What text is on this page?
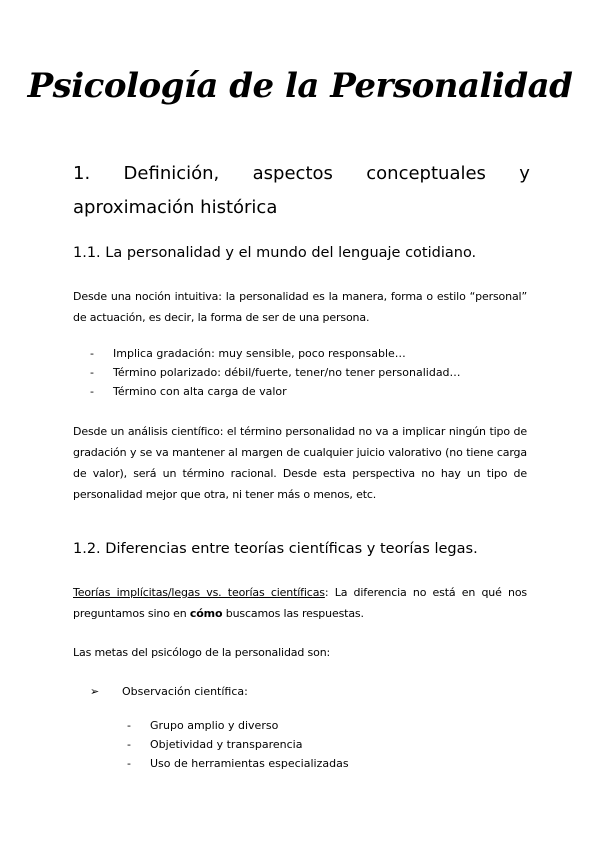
Psicología de la Personalidad
1. Definición, aspectos conceptuales y
aproximación histórica
1.1. La personalidad y el mundo del lenguaje cotidiano.
Desde una noción intuitiva: la personalidad es la manera, forma o estilo “personal” de actuación, es decir, la forma de ser de una persona.
-	Implica gradación: muy sensible, poco responsable…
-	Término polarizado: débil/fuerte, tener/no tener personalidad…
-	Término con alta carga de valor
Desde un análisis científico: el término personalidad no va a implicar ningún tipo de gradación y se va mantener al margen de cualquier juicio valorativo (no tiene carga de valor), será un término racional. Desde esta perspectiva no hay un tipo de personalidad mejor que otra, ni tener más o menos, etc.
1.2. Diferencias entre teorías científicas y teorías legas.
Teorías implícitas/legas vs. teorías científicas: La diferencia no está en qué nos preguntamos sino en cómo buscamos las respuestas.
Las metas del psicólogo de la personalidad son:
➢	Observación científica:
-	Grupo amplio y diverso
-	Objetividad y transparencia
-	Uso de herramientas especializadas
